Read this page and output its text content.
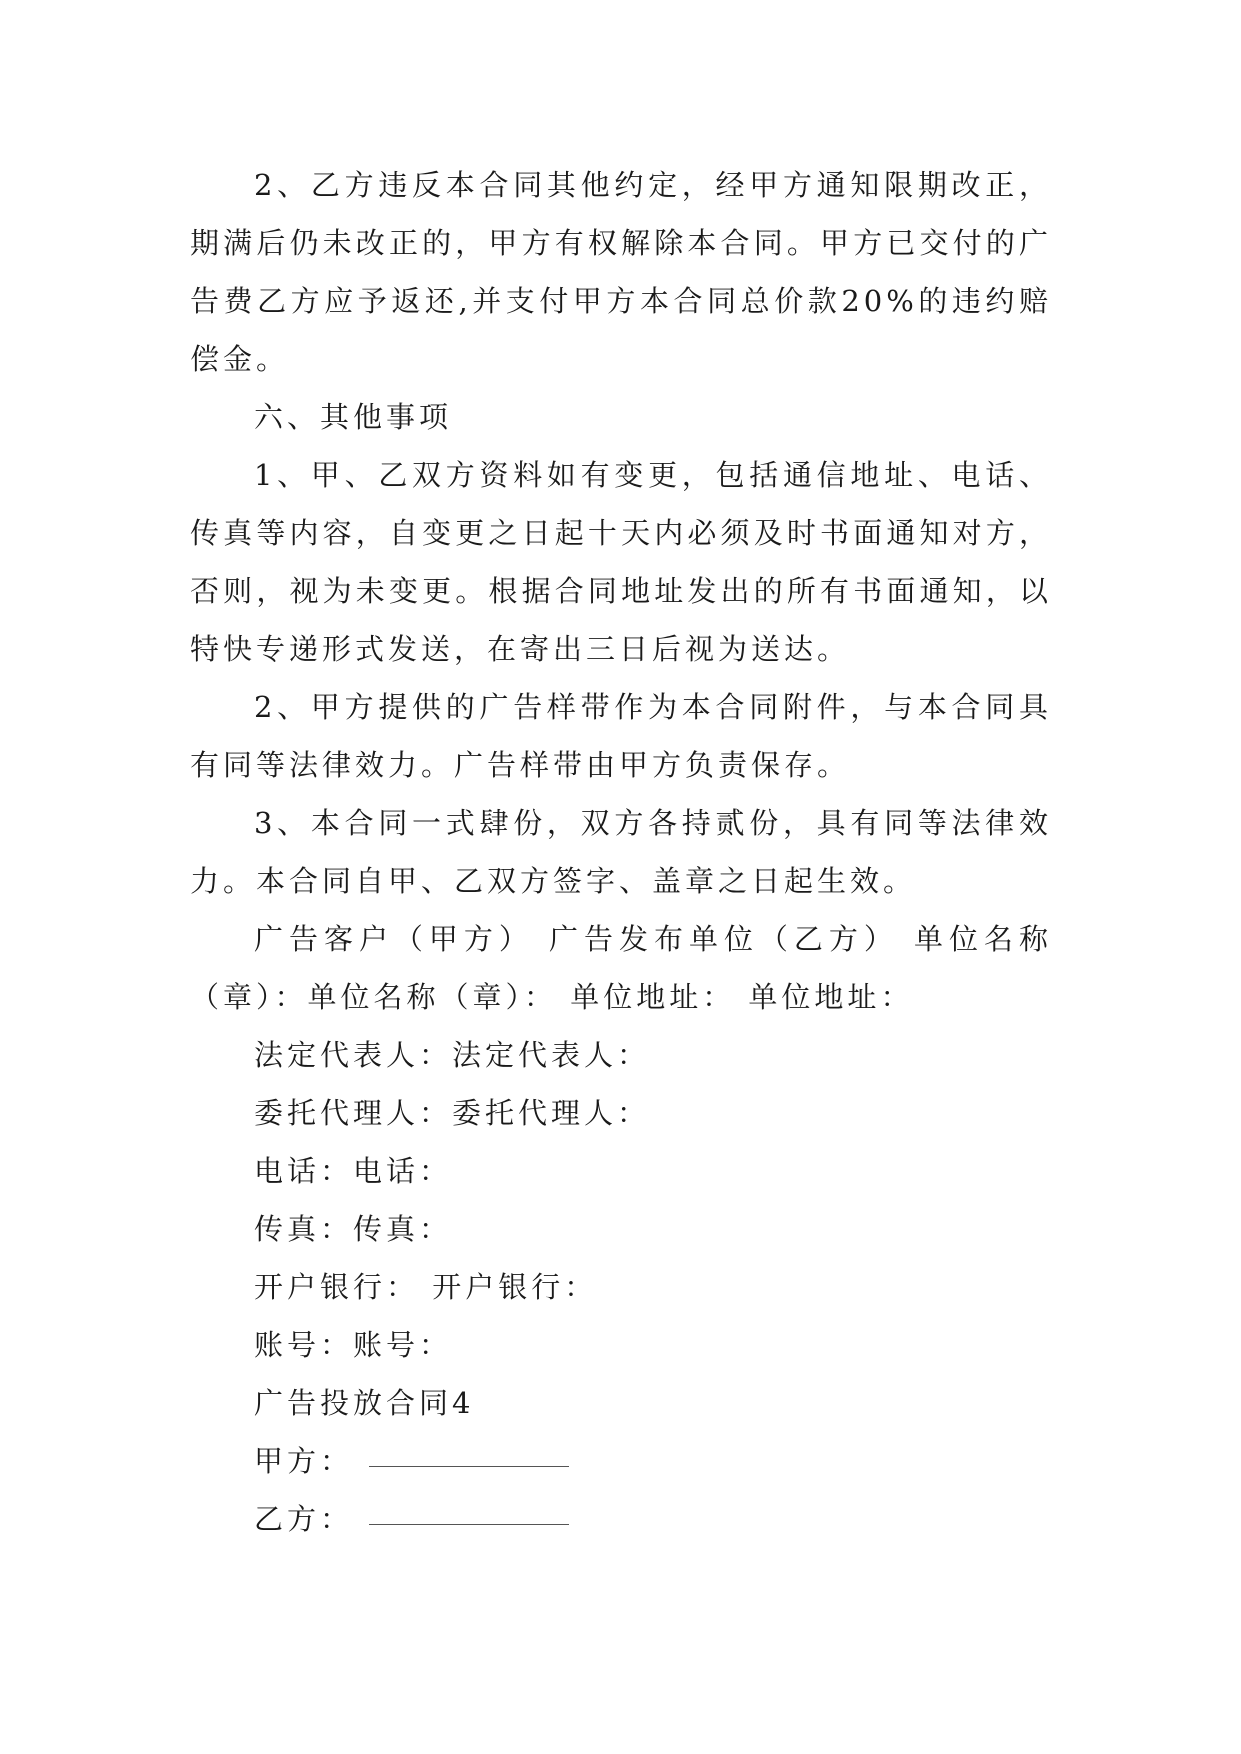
2、乙方违反本合同其他约定，经甲方通知限期改正，期满后仍未改正的，甲方有权解除本合同。甲方已交付的广告费乙方应予返还,并支付甲方本合同总价款20%的违约赔偿金。

六、其他事项

1、甲、乙双方资料如有变更，包括通信地址、电话、传真等内容，自变更之日起十天内必须及时书面通知对方，否则，视为未变更。根据合同地址发出的所有书面通知，以特快专递形式发送，在寄出三日后视为送达。

2、甲方提供的广告样带作为本合同附件，与本合同具有同等法律效力。广告样带由甲方负责保存。

3、本合同一式肆份，双方各持贰份，具有同等法律效力。本合同自甲、乙双方签字、盖章之日起生效。

广告客户（甲方） 广告发布单位（乙方） 单位名称（章）：单位名称（章）： 单位地址： 单位地址：

法定代表人：法定代表人：

委托代理人：委托代理人：

电话：电话：

传真：传真：

开户银行： 开户银行：

账号：账号：

广告投放合同4

甲方：

乙方：
